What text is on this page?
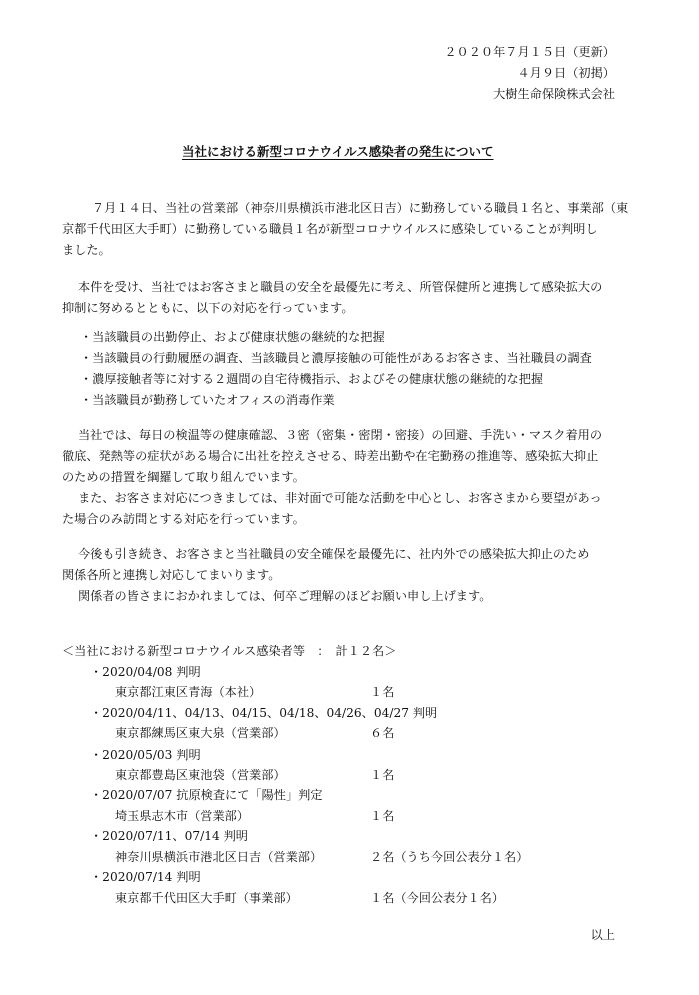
２０２０年７月１５日（更新）
４月９日（初掲）
大樹生命保険株式会社
当社における新型コロナウイルス感染者の発生について
７月１４日、当社の営業部（神奈川県横浜市港北区日吉）に勤務している職員１名と、事業部（東
京都千代田区大手町）に勤務している職員１名が新型コロナウイルスに感染していることが判明し
ました。
本件を受け、当社ではお客さまと職員の安全を最優先に考え、所管保健所と連携して感染拡大の
抑制に努めるとともに、以下の対応を行っています。
・当該職員の出勤停止、および健康状態の継続的な把握
・当該職員の行動履歴の調査、当該職員と濃厚接触の可能性があるお客さま、当社職員の調査
・濃厚接触者等に対する２週間の自宅待機指示、およびその健康状態の継続的な把握
・当該職員が勤務していたオフィスの消毒作業
当社では、毎日の検温等の健康確認、３密（密集・密閉・密接）の回避、手洗い・マスク着用の
徹底、発熱等の症状がある場合に出社を控えさせる、時差出勤や在宅勤務の推進等、感染拡大抑止
のための措置を綱羅して取り組んでいます。
また、お客さま対応につきましては、非対面で可能な活動を中心とし、お客さまから要望があっ
た場合のみ訪問とする対応を行っています。
今後も引き続き、お客さまと当社職員の安全確保を最優先に、社内外での感染拡大抑止のため
関係各所と連携し対応してまいります。
関係者の皆さまにおかれましては、何卒ご理解のほどお願い申し上げます。
＜当社における新型コロナウイルス感染者等　：　計１２名＞
・2020/04/08 判明
東京都江東区青海（本社）	１名
・2020/04/11、04/13、04/15、04/18、04/26、04/27 判明
東京都練馬区東大泉（営業部）	６名
・2020/05/03 判明
東京都豊島区東池袋（営業部）	１名
・2020/07/07 抗原検査にて「陽性」判定
埼玉県志木市（営業部）	１名
・2020/07/11、07/14 判明
神奈川県横浜市港北区日吉（営業部）	２名（うち今回公表分１名）
・2020/07/14 判明
東京都千代田区大手町（事業部）	１名（今回公表分１名）
以上
